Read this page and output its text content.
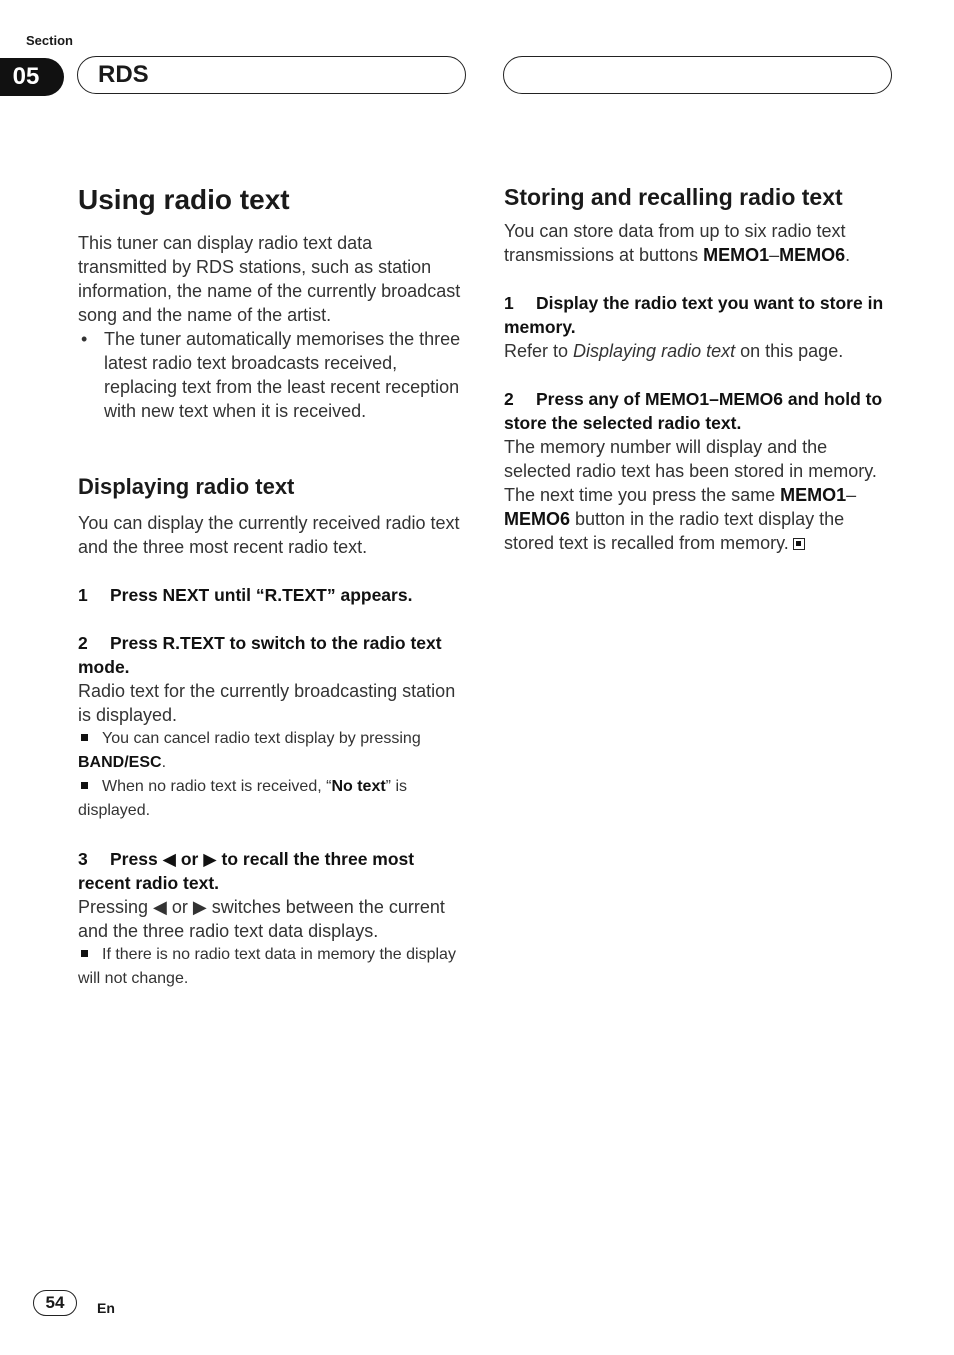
Section
05 RDS
Using radio text

This tuner can display radio text data transmitted by RDS stations, such as station information, the name of the currently broadcast song and the name of the artist.

• The tuner automatically memorises the three latest radio text broadcasts received, replacing text from the least recent reception with new text when it is received.
Displaying radio text

You can display the currently received radio text and the three most recent radio text.

1 Press NEXT until “R.TEXT” appears.

2 Press R.TEXT to switch to the radio text mode.

Radio text for the currently broadcasting station is displayed.

You can cancel radio text display by pressing BAND/ESC.
When no radio text is received, “No text” is displayed.

3 Press ◀ or ▶ to recall the three most recent radio text.

Pressing ◀ or ▶ switches between the current and the three radio text data displays.

If there is no radio text data in memory the display will not change.
Storing and recalling radio text

You can store data from up to six radio text transmissions at buttons MEMO1–MEMO6.

1 Display the radio text you want to store in memory.

Refer to Displaying radio text on this page.

2 Press any of MEMO1–MEMO6 and hold to store the selected radio text.

The memory number will display and the selected radio text has been stored in memory. The next time you press the same MEMO1–MEMO6 button in the radio text display the stored text is recalled from memory.

54	En
